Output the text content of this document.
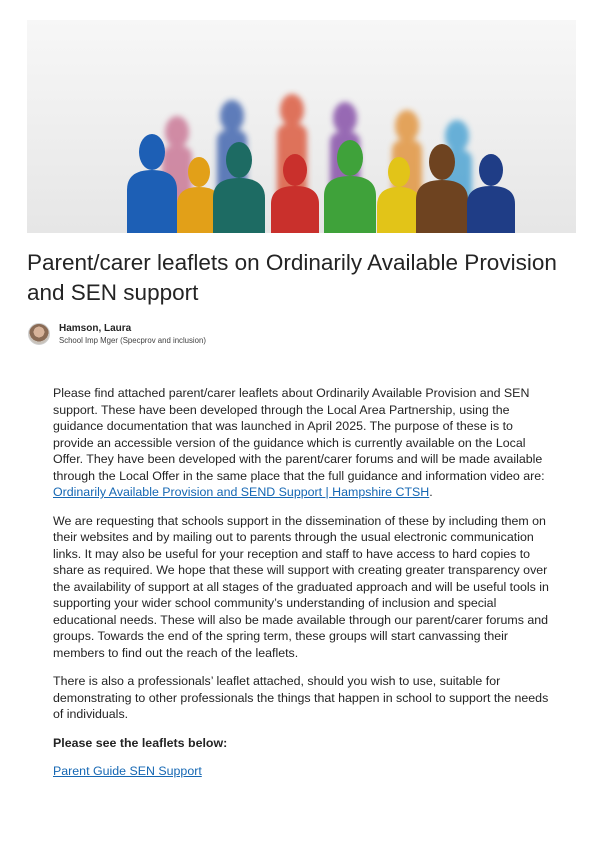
Parent/carer leaflets on Ordinarily Available Provision and SEN support
Hamson, Laura
School Imp Mger (Specprov and inclusion)

Please find attached parent/carer leaflets about Ordinarily Available Provision and SEN support. These have been developed through the Local Area Partnership, using the guidance documentation that was launched in April 2025. The purpose of these is to provide an accessible version of the guidance which is currently available on the Local Offer. They have been developed with the parent/carer forums and will be made available through the Local Offer in the same place that the full guidance and information video are: Ordinarily Available Provision and SEND Support | Hampshire CTSH.

We are requesting that schools support in the dissemination of these by including them on their websites and by mailing out to parents through the usual electronic communication links. It may also be useful for your reception and staff to have access to hard copies to share as required. We hope that these will support with creating greater transparency over the availability of support at all stages of the graduated approach and will be useful tools in supporting your wider school community’s understanding of inclusion and special educational needs. These will also be made available through our parent/carer forums and groups. Towards the end of the spring term, these groups will start canvassing their members to find out the reach of the leaflets.

There is also a professionals’ leaflet attached, should you wish to use, suitable for demonstrating to other professionals the things that happen in school to support the needs of individuals.

Please see the leaflets below:

Parent Guide SEN Support
